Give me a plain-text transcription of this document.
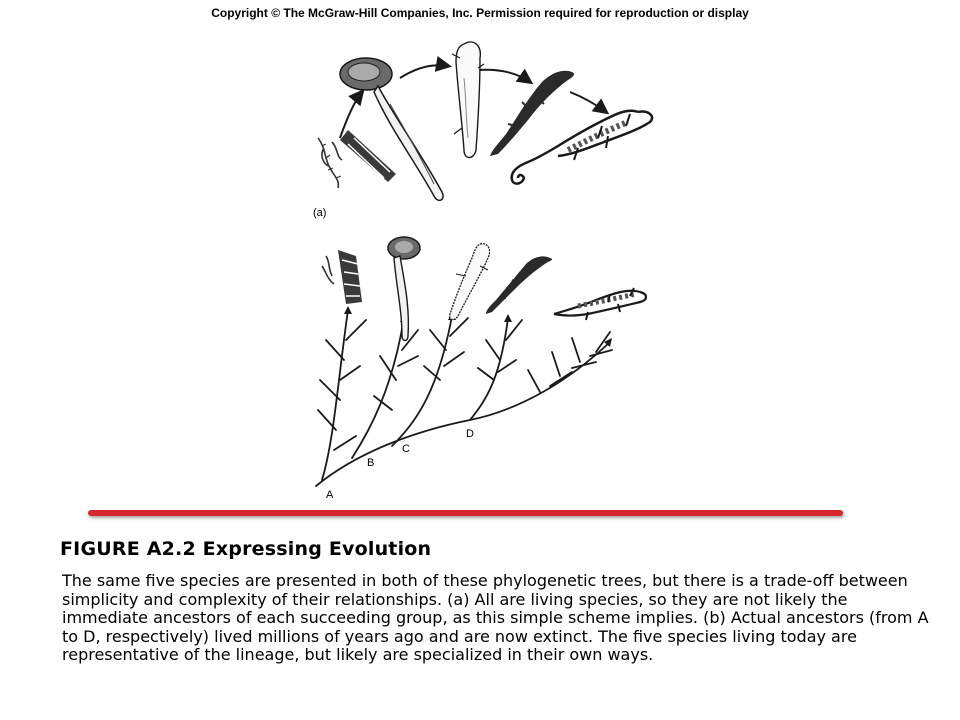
Copyright © The McGraw-Hill Companies, Inc. Permission required for reproduction or display
(a)
A
B
C
D
FIGURE A2.2 Expressing Evolution
The same five species are presented in both of these phylogenetic trees, but there is a trade-off between simplicity and complexity of their relationships. (a) All are living species, so they are not likely the immediate ancestors of each succeeding group, as this simple scheme implies. (b) Actual ancestors (from A to D, respectively) lived millions of years ago and are now extinct. The five species living today are representative of the lineage, but likely are specialized in their own ways.
